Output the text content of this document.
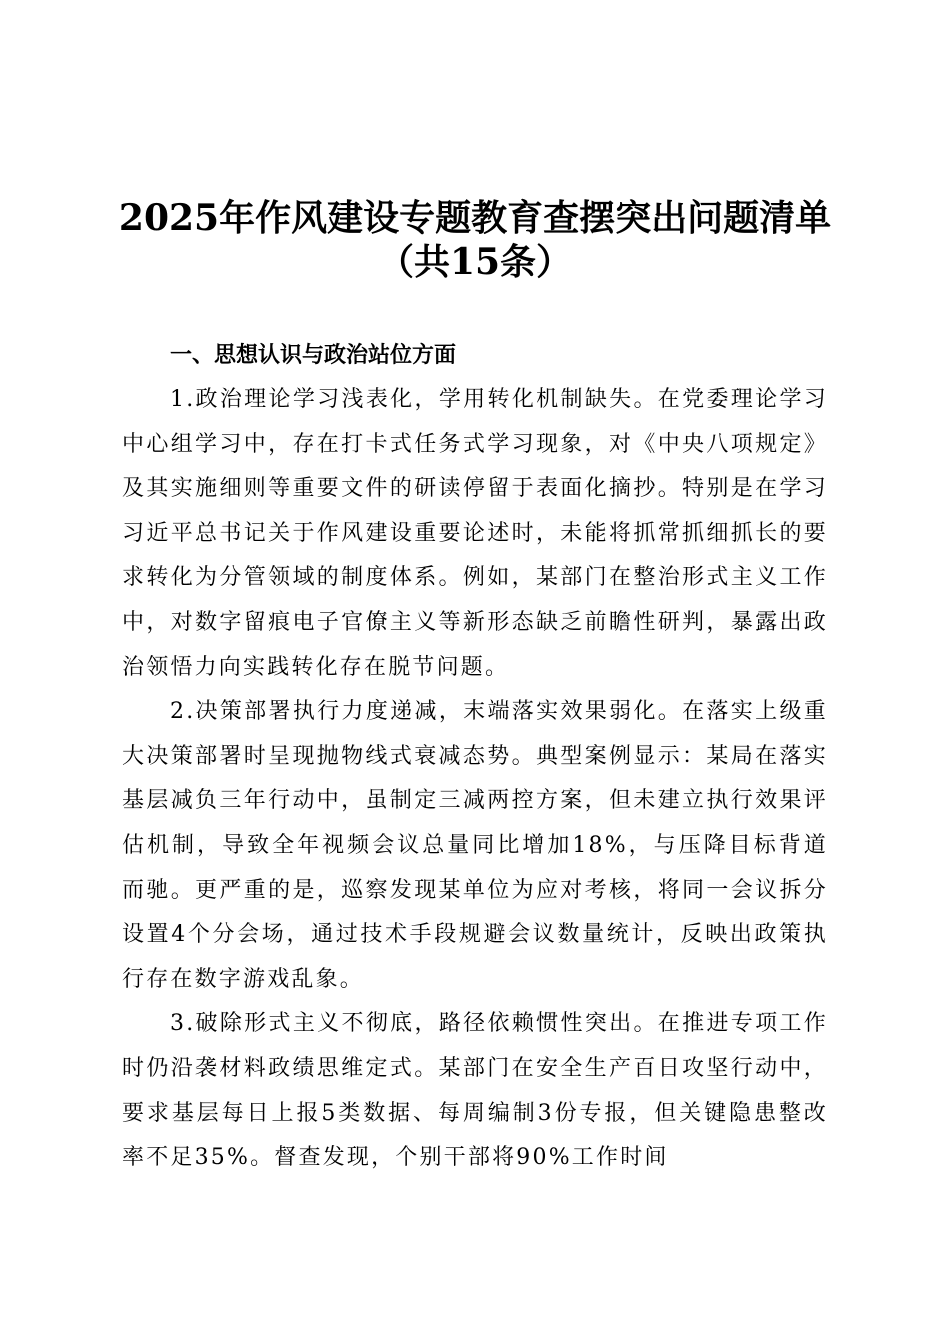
2025年作风建设专题教育查摆突出问题清单
（共15条）
一、思想认识与政治站位方面

1.政治理论学习浅表化，学用转化机制缺失。在党委理论学习中心组学习中，存在打卡式任务式学习现象，对《中央八项规定》及其实施细则等重要文件的研读停留于表面化摘抄。特别是在学习习近平总书记关于作风建设重要论述时，未能将抓常抓细抓长的要求转化为分管领域的制度体系。例如，某部门在整治形式主义工作中，对数字留痕电子官僚主义等新形态缺乏前瞻性研判，暴露出政治领悟力向实践转化存在脱节问题。

2.决策部署执行力度递减，末端落实效果弱化。在落实上级重大决策部署时呈现抛物线式衰减态势。典型案例显示：某局在落实基层减负三年行动中，虽制定三减两控方案，但未建立执行效果评估机制，导致全年视频会议总量同比增加18%，与压降目标背道而驰。更严重的是，巡察发现某单位为应对考核，将同一会议拆分设置4个分会场，通过技术手段规避会议数量统计，反映出政策执行存在数字游戏乱象。

3.破除形式主义不彻底，路径依赖惯性突出。在推进专项工作时仍沿袭材料政绩思维定式。某部门在安全生产百日攻坚行动中，要求基层每日上报5类数据、每周编制3份专报，但关键隐患整改率不足35%。督查发现，个别干部将90%工作时间
